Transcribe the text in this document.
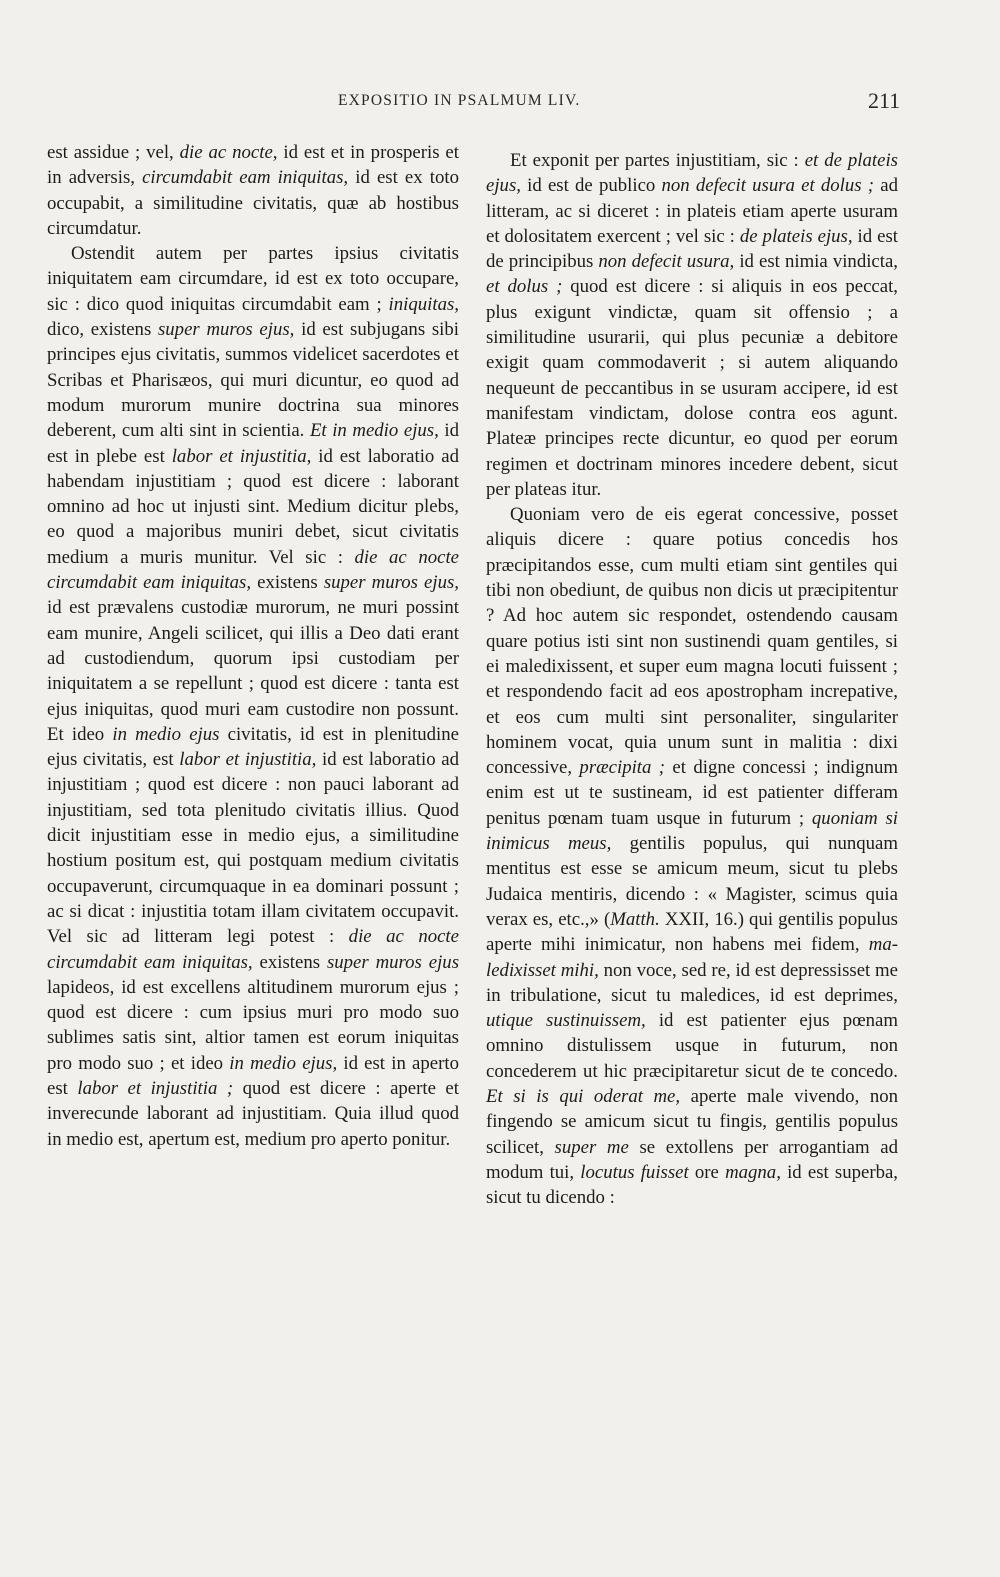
EXPOSITIO IN PSALMUM LIV.	211

est assidue ; vel, die ac nocte, id est et in prosperis et in adversis, circumdabit eam iniquitas, id est ex toto occupabit, a similitudine civitatis, quæ ab hostibus circumdatur.

Ostendit autem per partes ipsius civitatis iniquitatem eam circumdare, id est ex toto occupare, sic : dico quod iniquitas circumdabit eam ; iniquitas, dico, existens super muros ejus, id est subjugans sibi principes ejus civitatis, summos videlicet sacerdotes et Scribas et Pharisæos, qui muri dicuntur, eo quod ad modum murorum munire doctrina sua minores deberent, cum alti sint in scientia. Et in medio ejus, id est in plebe est labor et injustitia, id est laboratio ad habendam injustitiam ; quod est dicere : laborant omnino ad hoc ut injusti sint. Medium dicitur plebs, eo quod a majoribus muniri debet, sicut civitatis medium a muris munitur. Vel sic : die ac nocte circumdabit eam iniquitas, existens super muros ejus, id est prævalens custodiæ murorum, ne muri possint eam munire, Angeli scilicet, qui illis a Deo dati erant ad custodiendum, quorum ipsi custodiam per iniquitatem a se repellunt ; quod est dicere : tanta est ejus iniquitas, quod muri eam custodire non possunt. Et ideo in medio ejus civitatis, id est in plenitudine ejus civitatis, est labor et injustitia, id est laboratio ad injustitiam ; quod est dicere : non pauci laborant ad injustitiam, sed tota plenitudo civitatis illius. Quod dicit injustitiam esse in medio ejus, a similitudine hostium positum est, qui postquam medium civitatis occupaverunt, circumquaque in ea dominari possunt ; ac si dicat : injustitia totam illam civitatem occupavit. Vel sic ad litteram legi potest : die ac nocte circumdabit eam iniquitas, existens super muros ejus lapideos, id est excellens altitudinem murorum ejus ; quod est dicere : cum ipsius muri pro modo suo sublimes satis sint, altior tamen est eorum iniquitas pro modo suo ; et ideo in medio ejus, id est in aperto est labor et injustitia ; quod est dicere : aperte et inverecunde laborant ad injustitiam. Quia illud quod in medio est, apertum est, medium pro aperto ponitur.

Et exponit per partes injustitiam, sic : et de plateis ejus, id est de publico non defecit usura et dolus ; ad litteram, ac si diceret : in plateis etiam aperte usuram et dolositatem exercent ; vel sic : de plateis ejus, id est de principibus non defecit usura, id est nimia vindicta, et dolus ; quod est dicere : si aliquis in eos peccat, plus exigunt vindictæ, quam sit offensio ; a similitudine usurarii, qui plus pecuniæ a debitore exigit quam commodaverit ; si autem aliquando nequeunt de peccantibus in se usuram accipere, id est manifestam vindictam, dolose contra eos agunt. Plateæ principes recte dicuntur, eo quod per eorum regimen et doctrinam minores incedere debent, sicut per plateas itur.

Quoniam vero de eis egerat concessive, posset aliquis dicere : quare potius concedis hos præcipitandos esse, cum multi etiam sint gentiles qui tibi non obediunt, de quibus non dicis ut præcipitentur ? Ad hoc autem sic respondet, ostendendo causam quare potius isti sint non sustinendi quam gentiles, si ei maledixissent, et super eum magna locuti fuissent ; et respondendo facit ad eos apostropham increpative, et eos cum multi sint personaliter, singulariter hominem vocat, quia unum sunt in malitia : dixi concessive, præcipita ; et digne concessi ; indignum enim est ut te sustineam, id est patienter differam penitus pœnam tuam usque in futurum ; quoniam si inimicus meus, gentilis populus, qui nunquam mentitus est esse se amicum meum, sicut tu plebs Judaica mentiris, dicendo : « Magister, scimus quia verax es, etc.,» (Matth. XXII, 16.) qui gentilis populus aperte mihi inimicatur, non habens mei fidem, maledixisset mihi, non voce, sed re, id est depressisset me in tribulatione, sicut tu maledices, id est deprimes, utique sustinuissem, id est patienter ejus pœnam omnino distulissem usque in futurum, non concederem ut hic præcipitaretur sicut de te concedo. Et si is qui oderat me, aperte male vivendo, non fingendo se amicum sicut tu fingis, gentilis populus scilicet, super me se extollens per arrogantiam ad modum tui, locutus fuisset ore magna, id est superba, sicut tu dicendo :
